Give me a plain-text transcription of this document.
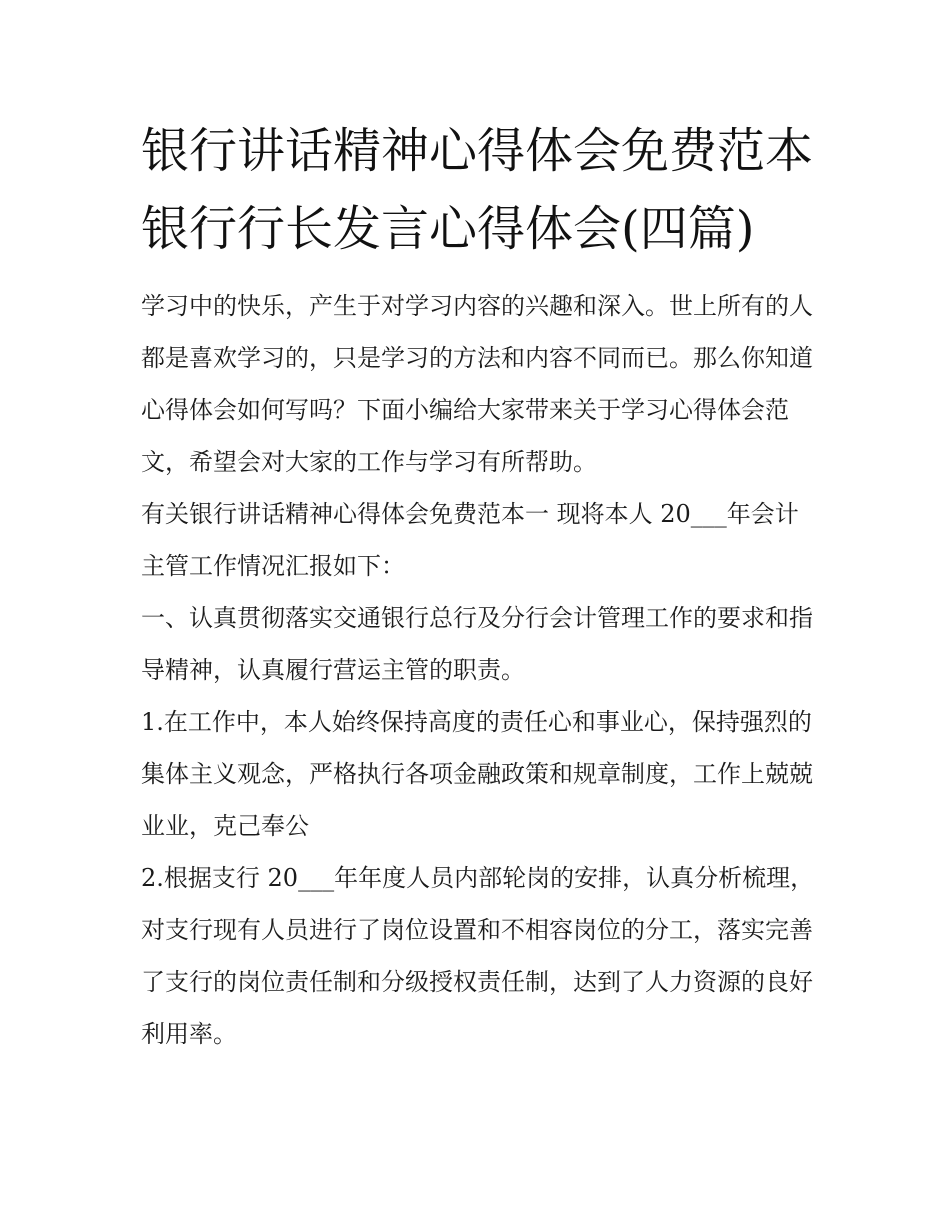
银行讲话精神心得体会免费范本 银行行长发言心得体会(四篇)

学习中的快乐，产生于对学习内容的兴趣和深入。世上所有的人都是喜欢学习的，只是学习的方法和内容不同而已。那么你知道心得体会如何写吗？下面小编给大家带来关于学习心得体会范文，希望会对大家的工作与学习有所帮助。

有关银行讲话精神心得体会免费范本一 现将本人 20___年会计主管工作情况汇报如下：

一、认真贯彻落实交通银行总行及分行会计管理工作的要求和指导精神，认真履行营运主管的职责。

1.在工作中，本人始终保持高度的责任心和事业心，保持强烈的集体主义观念，严格执行各项金融政策和规章制度，工作上兢兢业业，克己奉公

2.根据支行 20___年年度人员内部轮岗的安排，认真分析梳理，对支行现有人员进行了岗位设置和不相容岗位的分工，落实完善了支行的岗位责任制和分级授权责任制，达到了人力资源的良好利用率。
